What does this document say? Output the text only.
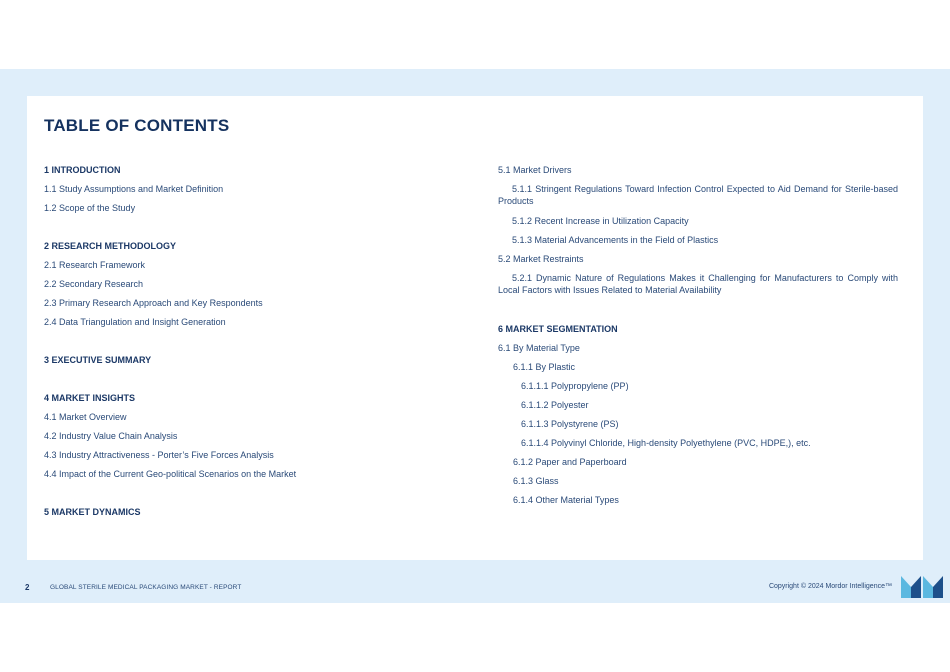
TABLE OF CONTENTS
1 INTRODUCTION
1.1 Study Assumptions and Market Definition
1.2 Scope of the Study
2 RESEARCH METHODOLOGY
2.1 Research Framework
2.2 Secondary Research
2.3 Primary Research Approach and Key Respondents
2.4 Data Triangulation and Insight Generation
3 EXECUTIVE SUMMARY
4 MARKET INSIGHTS
4.1 Market Overview
4.2 Industry Value Chain Analysis
4.3 Industry Attractiveness - Porter’s Five Forces Analysis
4.4 Impact of the Current Geo-political Scenarios on the Market
5 MARKET DYNAMICS
5.1 Market Drivers
5.1.1 Stringent Regulations Toward Infection Control Expected to Aid Demand for Sterile-based Products
5.1.2 Recent Increase in Utilization Capacity
5.1.3 Material Advancements in the Field of Plastics
5.2 Market Restraints
5.2.1 Dynamic Nature of Regulations Makes it Challenging for Manufacturers to Comply with Local Factors with Issues Related to Material Availability
6 MARKET SEGMENTATION
6.1 By Material Type
6.1.1 By Plastic
6.1.1.1 Polypropylene (PP)
6.1.1.2 Polyester
6.1.1.3 Polystyrene (PS)
6.1.1.4 Polyvinyl Chloride, High-density Polyethylene (PVC, HDPE,), etc.
6.1.2 Paper and Paperboard
6.1.3 Glass
6.1.4 Other Material Types
2	GLOBAL STERILE MEDICAL PACKAGING MARKET - REPORT	Copyright © 2024 Mordor Intelligence™
